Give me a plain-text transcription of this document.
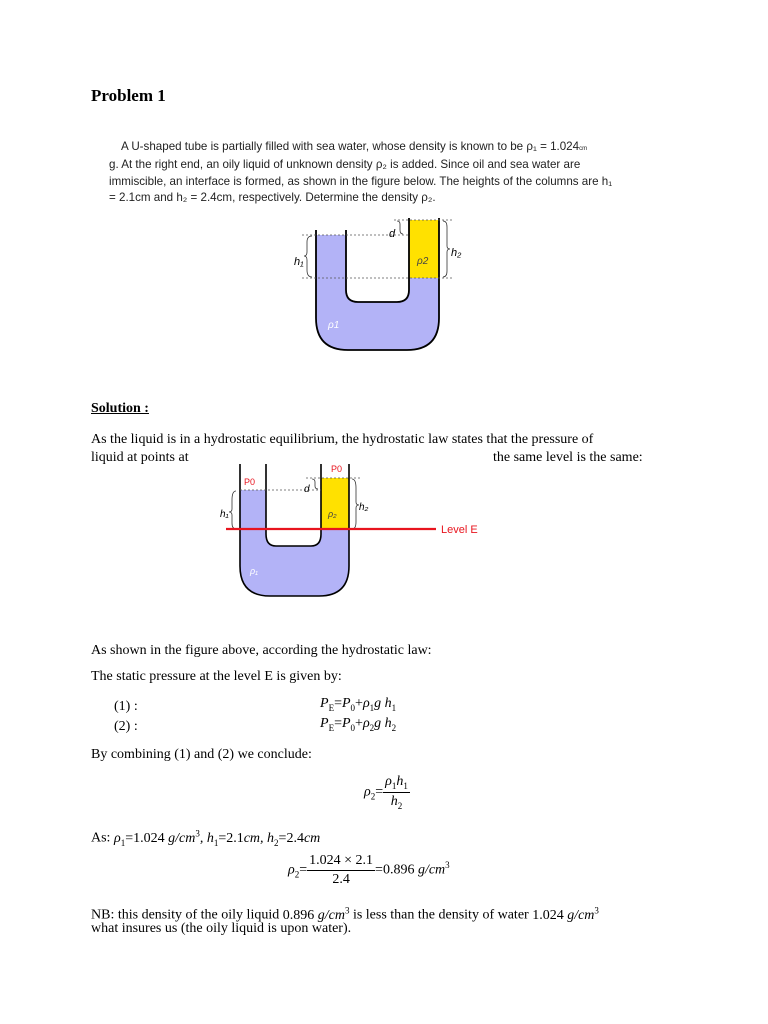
Problem 1
A U-shaped tube is partially filled with sea water, whose density is known to be ρ₁ = 1.024cm
g. At the right end, an oily liquid of unknown density ρ₂ is added. Since oil and sea water are
immiscible, an interface is formed, as shown in the figure below. The heights of the columns are h₁
= 2.1cm and h₂ = 2.4cm, respectively. Determine the density ρ₂.
d
h₁
h₂
ρ2
ρ1
Solution :
As the liquid is in a hydrostatic equilibrium, the hydrostatic law states that the pressure of
liquid at points at	the same level is the same:
P0
P0
d
h₁
h₂
ρ₂
ρ₁
Level E
As shown in the figure above, according the hydrostatic law:
The static pressure at the level E is given by:
(1) :	$P_E=P_0+\rho_1g$ $h_1$
(2) :	$P_E=P_0+\rho_2g$ $h_2$
By combining (1) and (2) we conclude:
$\rho_2= \frac{\rho_1h_1}{h_2}$
As: $\rho_1=1.024$ $g/cm^3$, $h_1=2.1cm$, $h_2=2.4cm$
$\rho_2= \frac{1.024 \times 2.1}{2.4} =0.896$ $g/cm^3$
NB: this density of the oily liquid 0.896 $g/cm^3$ is less than the density of water 1.024 $g/cm^3$
what insures us (the oily liquid is upon water).
